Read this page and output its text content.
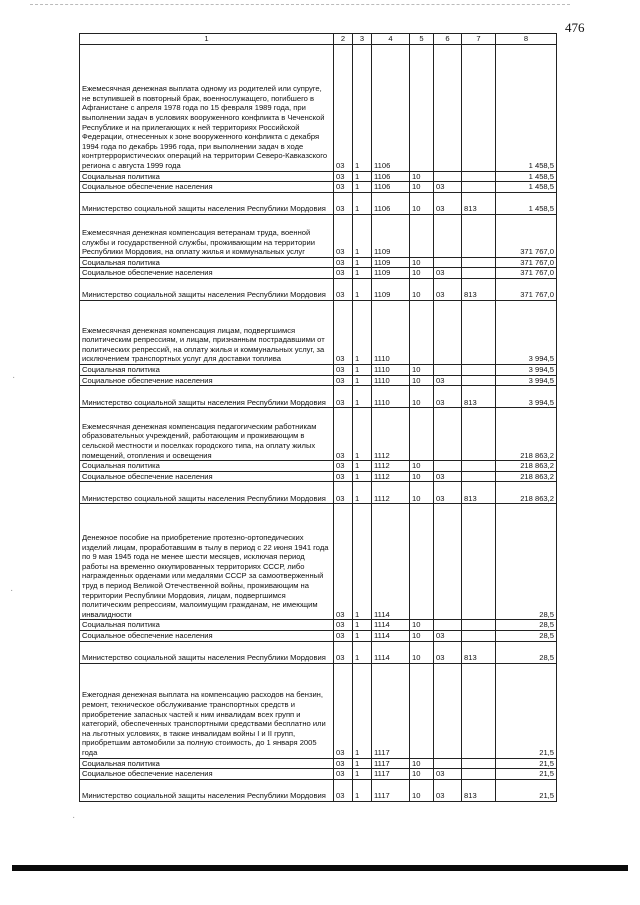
·
·
·
476
1	2	3	4	5	6	7	8
Ежемесячная денежная выплата одному из родителей или супруге, не вступившей в повторный брак, военнослужащего, погибшего в Афганистане с апреля 1978 года по 15 февраля 1989 года, при выполнении задач в условиях вооруженного конфликта в Чеченской Республике и на прилегающих к ней территориях Российской Федерации, отнесенных к зоне вооруженного конфликта с декабря 1994 года по декабрь 1996 года, при выполнении задач в ходе контртеррористических операций на территории Северо-Кавказского региона с августа 1999 года	03	1	1106				1 458,5
Социальная политика	03	1	1106	10			1 458,5
Социальное обеспечение населения	03	1	1106	10	03		1 458,5
Министерство социальной защиты населения Республики Мордовия	03	1	1106	10	03	813	1 458,5
Ежемесячная денежная компенсация ветеранам труда, военной службы и государственной службы, проживающим на территории Республики Мордовия, на оплату жилья и коммунальных услуг	03	1	1109				371 767,0
Социальная политика	03	1	1109	10			371 767,0
Социальное обеспечение населения	03	1	1109	10	03		371 767,0
Министерство социальной защиты населения Республики Мордовия	03	1	1109	10	03	813	371 767,0
Ежемесячная денежная компенсация лицам, подвергшимся политическим репрессиям, и лицам, признанным пострадавшими от политических репрессий, на оплату жилья и коммунальных услуг, за исключением транспортных услуг для доставки топлива	03	1	1110				3 994,5
Социальная политика	03	1	1110	10			3 994,5
Социальное обеспечение населения	03	1	1110	10	03		3 994,5
Министерство социальной защиты населения Республики Мордовия	03	1	1110	10	03	813	3 994,5
Ежемесячная денежная компенсация педагогическим работникам образовательных учреждений, работающим и проживающим в сельской местности и поселках городского типа, на оплату жилых помещений, отопления и освещения	03	1	1112				218 863,2
Социальная политика	03	1	1112	10			218 863,2
Социальное обеспечение населения	03	1	1112	10	03		218 863,2
Министерство социальной защиты населения Республики Мордовия	03	1	1112	10	03	813	218 863,2
Денежное пособие на приобретение протезно-ортопедических изделий лицам, проработавшим в тылу в период с 22 июня 1941 года по 9 мая 1945 года не менее шести месяцев, исключая период работы на временно оккупированных территориях СССР, либо награжденных орденами или медалями СССР за самоотверженный труд в период Великой Отечественной войны, проживающим на территории Республики Мордовия, лицам, подвергшимся политическим репрессиям, малоимущим гражданам, не имеющим инвалидности	03	1	1114				28,5
Социальная политика	03	1	1114	10			28,5
Социальное обеспечение населения	03	1	1114	10	03		28,5
Министерство социальной защиты населения Республики Мордовия	03	1	1114	10	03	813	28,5
Ежегодная денежная выплата на компенсацию расходов на бензин, ремонт, техническое обслуживание транспортных средств и приобретение запасных частей к ним инвалидам всех групп и категорий, обеспеченных транспортными средствами бесплатно или на льготных условиях, в также инвалидам войны I и II групп, приобретшим автомобили за полную стоимость, до 1 января 2005 года	03	1	1117				21,5
Социальная политика	03	1	1117	10			21,5
Социальное обеспечение населения	03	1	1117	10	03		21,5
Министерство социальной защиты населения Республики Мордовия	03	1	1117	10	03	813	21,5
